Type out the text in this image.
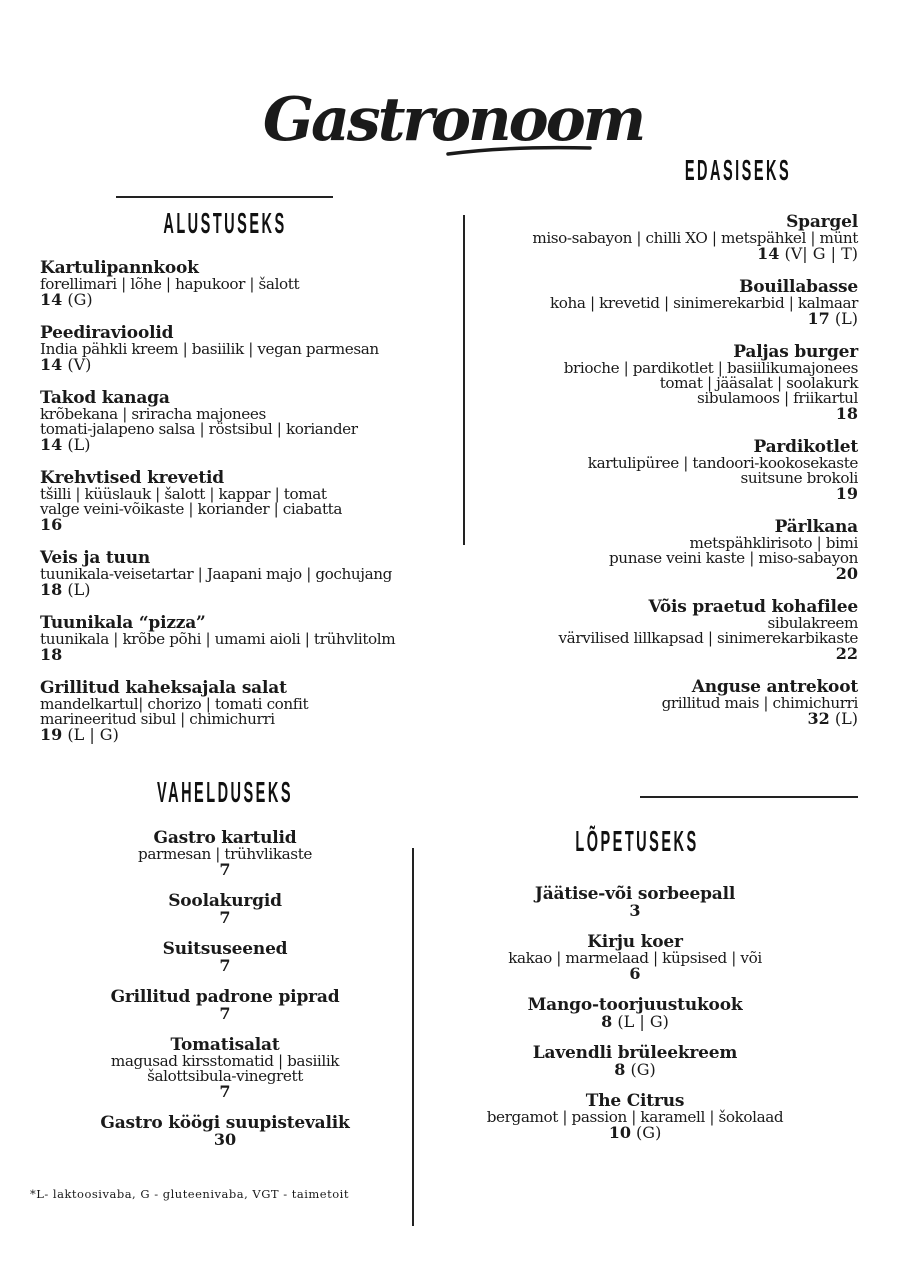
Gastronoom
ALUSTUSEKS
EDASISEKS
VAHELDUSEKS
LÕPETUSEKS
Kartulipannkook
forellimari | lõhe | hapukoor | šalott
14 (G)
Peediravioolid
India pähkli kreem | basiilik | vegan parmesan
14 (V)
Takod kanaga
krõbekana | sriracha majonees
tomati-jalapeno salsa | röstsibul | koriander
14 (L)
Krehvtised krevetid
tšilli | küüslauk | šalott | kappar | tomat
valge veini-võikaste | koriander | ciabatta
16
Veis ja tuun
tuunikala-veisetartar | Jaapani majo | gochujang
18 (L)
Tuunikala “pizza”
tuunikala | krõbe põhi | umami aioli | trühvlitolm
18
Grillitud kaheksajala salat
mandelkartul| chorizo | tomati confit
marineeritud sibul | chimichurri
19 (L | G)
Spargel
miso-sabayon | chilli XO | metspähkel | münt
14 (V| G | T)
Bouillabasse
koha | krevetid | sinimerekarbid | kalmaar
17 (L)
Paljas burger
brioche | pardikotlet | basiilikumajonees
tomat | jääsalat | soolakurk
sibulamoos | friikartul
18
Pardikotlet
kartulipüree | tandoori-kookosekaste
suitsune brokoli
19
Pärlkana
metspähklirisoto | bimi
punase veini kaste | miso-sabayon
20
Võis praetud kohafilee
sibulakreem
värvilised lillkapsad | sinimerekarbikaste
22
Anguse antrekoot
grillitud mais | chimichurri
32 (L)
Gastro kartulid
parmesan | trühvlikaste
7
Soolakurgid
7
Suitsuseened
7
Grillitud padrone piprad
7
Tomatisalat
magusad kirsstomatid | basiilik
šalottsibula-vinegrett
7
Gastro köögi suupistevalik
30
Jäätise-või sorbeepall
3
Kirju koer
kakao | marmelaad | küpsised | või
6
Mango-toorjuustukook
8 (L | G)
Lavendli brüleekreem
8 (G)
The Citrus
bergamot | passion | karamell | šokolaad
10 (G)
*L- laktoosivaba, G - gluteenivaba, VGT - taimetoit
